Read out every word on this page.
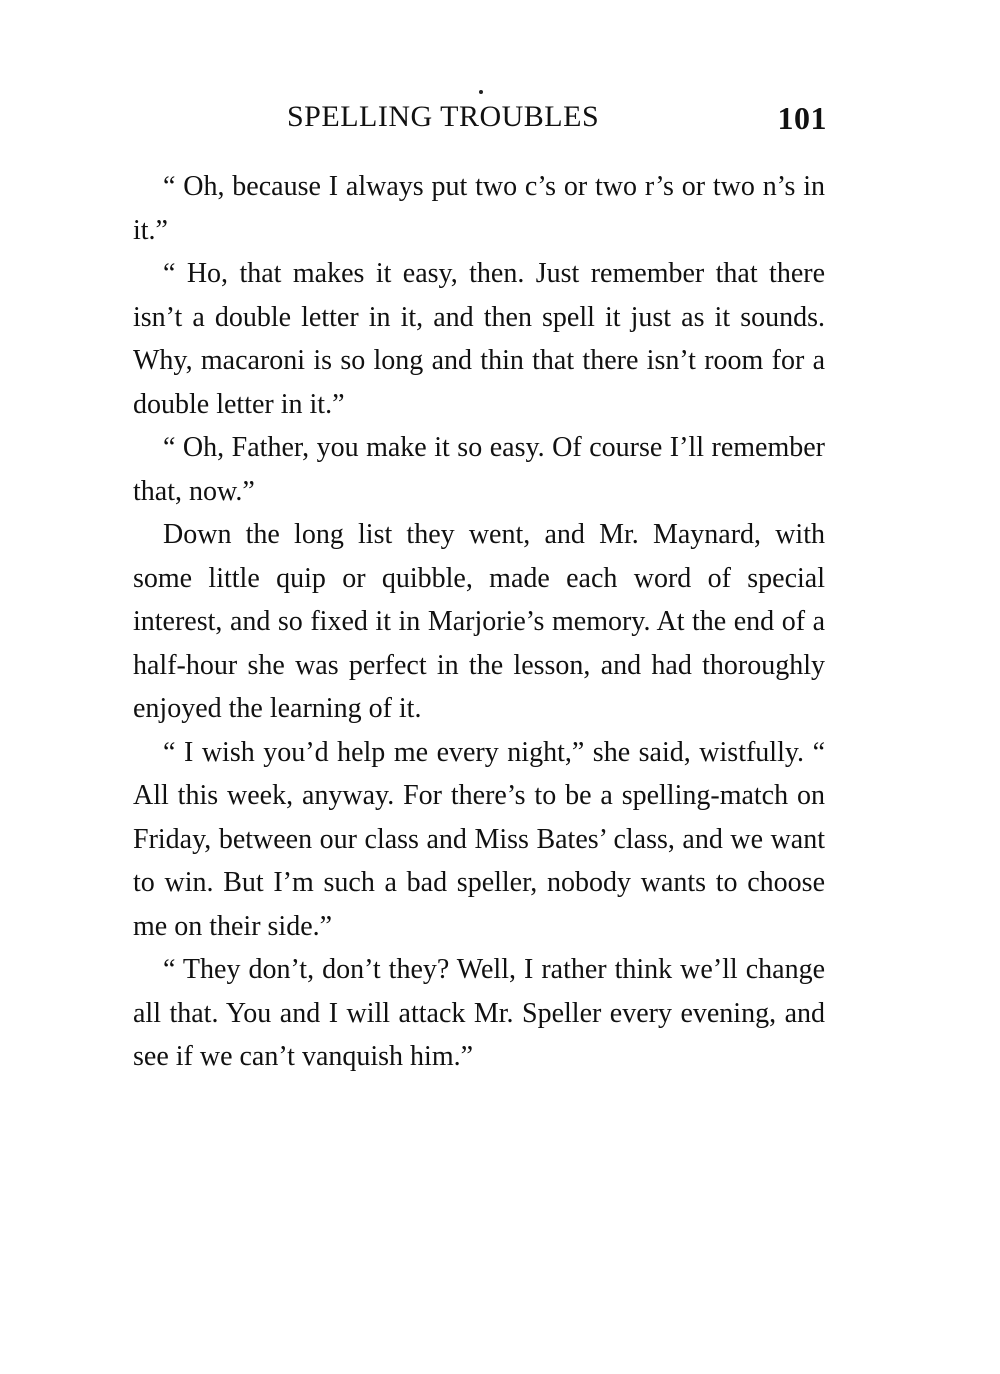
SPELLING TROUBLES	101

“ Oh, because I always put two c’s or two r’s or two n’s in it.”

“ Ho, that makes it easy, then. Just remember that there isn’t a double letter in it, and then spell it just as it sounds. Why, macaroni is so long and thin that there isn’t room for a double letter in it.”

“ Oh, Father, you make it so easy. Of course I’ll remember that, now.”

Down the long list they went, and Mr. Maynard, with some little quip or quibble, made each word of special interest, and so fixed it in Marjorie’s memory. At the end of a half-hour she was perfect in the lesson, and had thoroughly enjoyed the learning of it.

“ I wish you’d help me every night,” she said, wistfully. “ All this week, anyway. For there’s to be a spelling-match on Friday, between our class and Miss Bates’ class, and we want to win. But I’m such a bad speller, nobody wants to choose me on their side.”

“ They don’t, don’t they? Well, I rather think we’ll change all that. You and I will attack Mr. Speller every evening, and see if we can’t vanquish him.”
